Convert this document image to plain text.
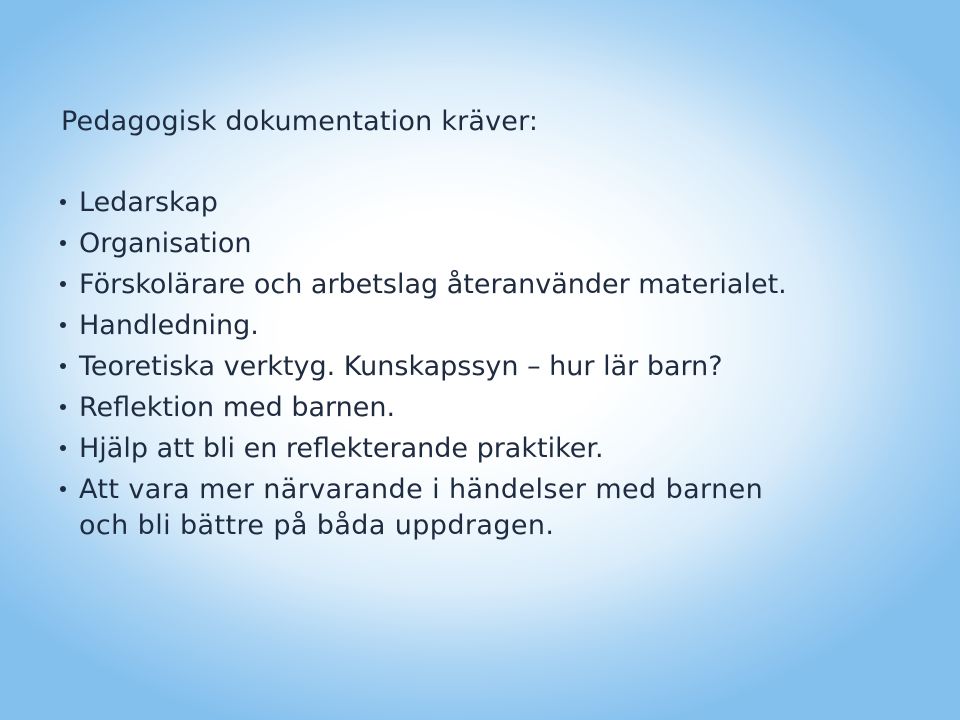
Pedagogisk dokumentation kräver:
Ledarskap
Organisation
Förskolärare och arbetslag återanvänder materialet.
Handledning.
Teoretiska verktyg. Kunskapssyn – hur lär barn?
Reflektion med barnen.
Hjälp att bli en reflekterande praktiker.
Att vara mer närvarande i händelser med barnen och bli bättre på båda uppdragen.
